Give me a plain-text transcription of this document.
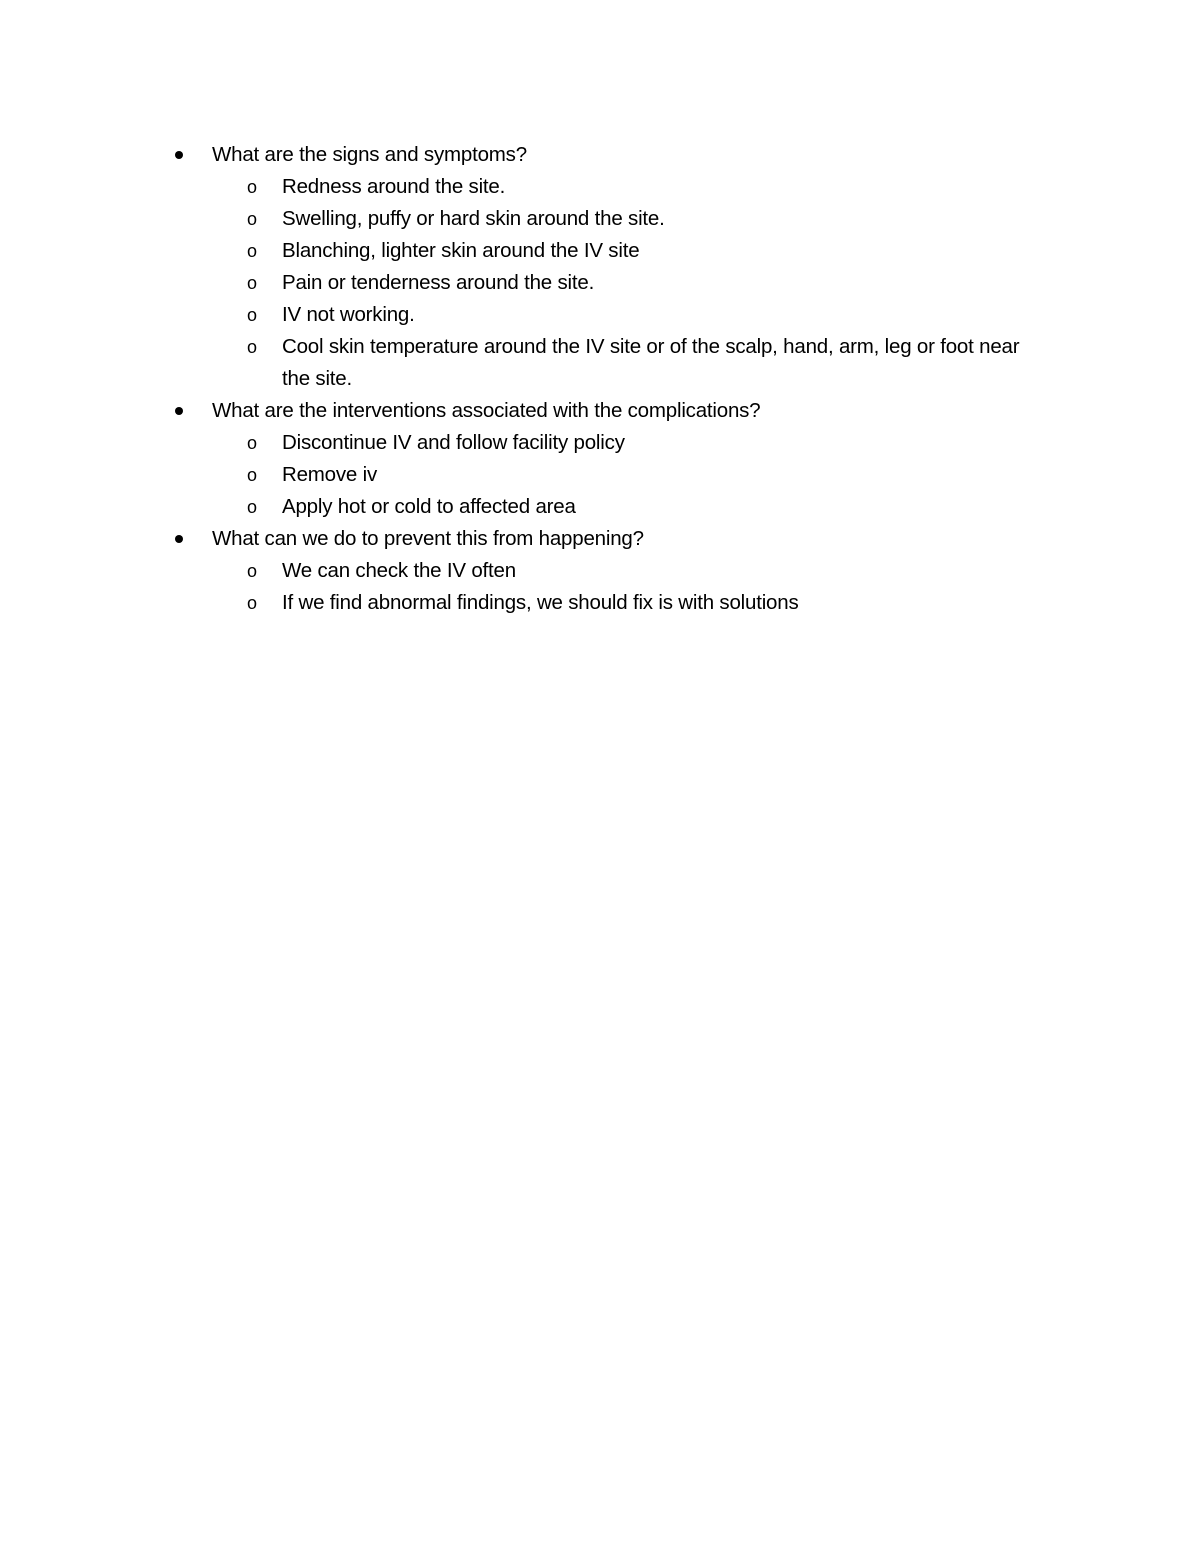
What are the signs and symptoms?
o Redness around the site.
o Swelling, puffy or hard skin around the site.
o Blanching, lighter skin around the IV site
o Pain or tenderness around the site.
o IV not working.
o Cool skin temperature around the IV site or of the scalp, hand, arm, leg or foot near the site.
What are the interventions associated with the complications?
o Discontinue IV and follow facility policy
o Remove iv
o Apply hot or cold to affected area
What can we do to prevent this from happening?
o We can check the IV often
o If we find abnormal findings, we should fix is with solutions
